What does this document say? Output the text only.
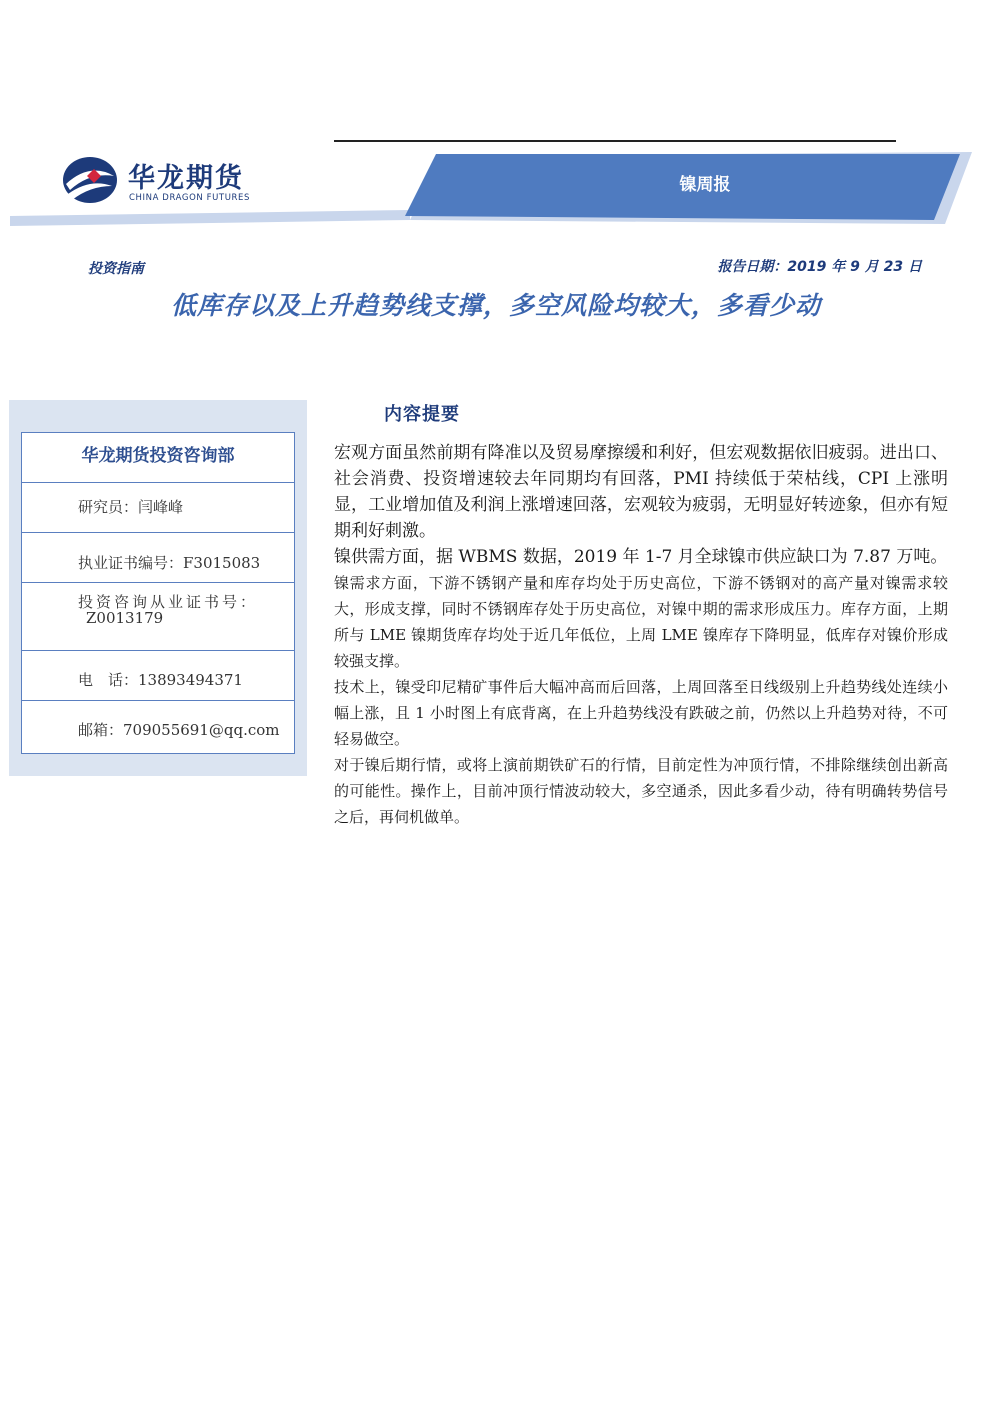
华龙期货
CHINA DRAGON FUTURES
镍周报
投资指南	报告日期：2019 年 9 月 23 日
低库存以及上升趋势线支撑，多空风险均较大，多看少动
华龙期货投资咨询部
研究员：闫峰峰
执业证书编号：F3015083
投资咨询从业证书号：
Z0013179
电　话：13893494371
邮箱：709055691@qq.com
内容提要

宏观方面虽然前期有降准以及贸易摩擦缓和利好，但宏观数据依旧疲弱。进出口、社会消费、投资增速较去年同期均有回落，PMI 持续低于荣枯线，CPI 上涨明显，工业增加值及利润上涨增速回落，宏观较为疲弱，无明显好转迹象，但亦有短期利好刺激。

镍供需方面，据 WBMS 数据，2019 年 1-7 月全球镍市供应缺口为 7.87 万吨。

镍需求方面，下游不锈钢产量和库存均处于历史高位，下游不锈钢对的高产量对镍需求较大，形成支撑，同时不锈钢库存处于历史高位，对镍中期的需求形成压力。库存方面，上期所与 LME 镍期货库存均处于近几年低位，上周 LME 镍库存下降明显，低库存对镍价形成较强支撑。

技术上，镍受印尼精矿事件后大幅冲高而后回落，上周回落至日线级别上升趋势线处连续小幅上涨，且 1 小时图上有底背离，在上升趋势线没有跌破之前，仍然以上升趋势对待，不可轻易做空。

对于镍后期行情，或将上演前期铁矿石的行情，目前定性为冲顶行情，不排除继续创出新高的可能性。操作上，目前冲顶行情波动较大，多空通杀，因此多看少动，待有明确转势信号之后，再伺机做单。
